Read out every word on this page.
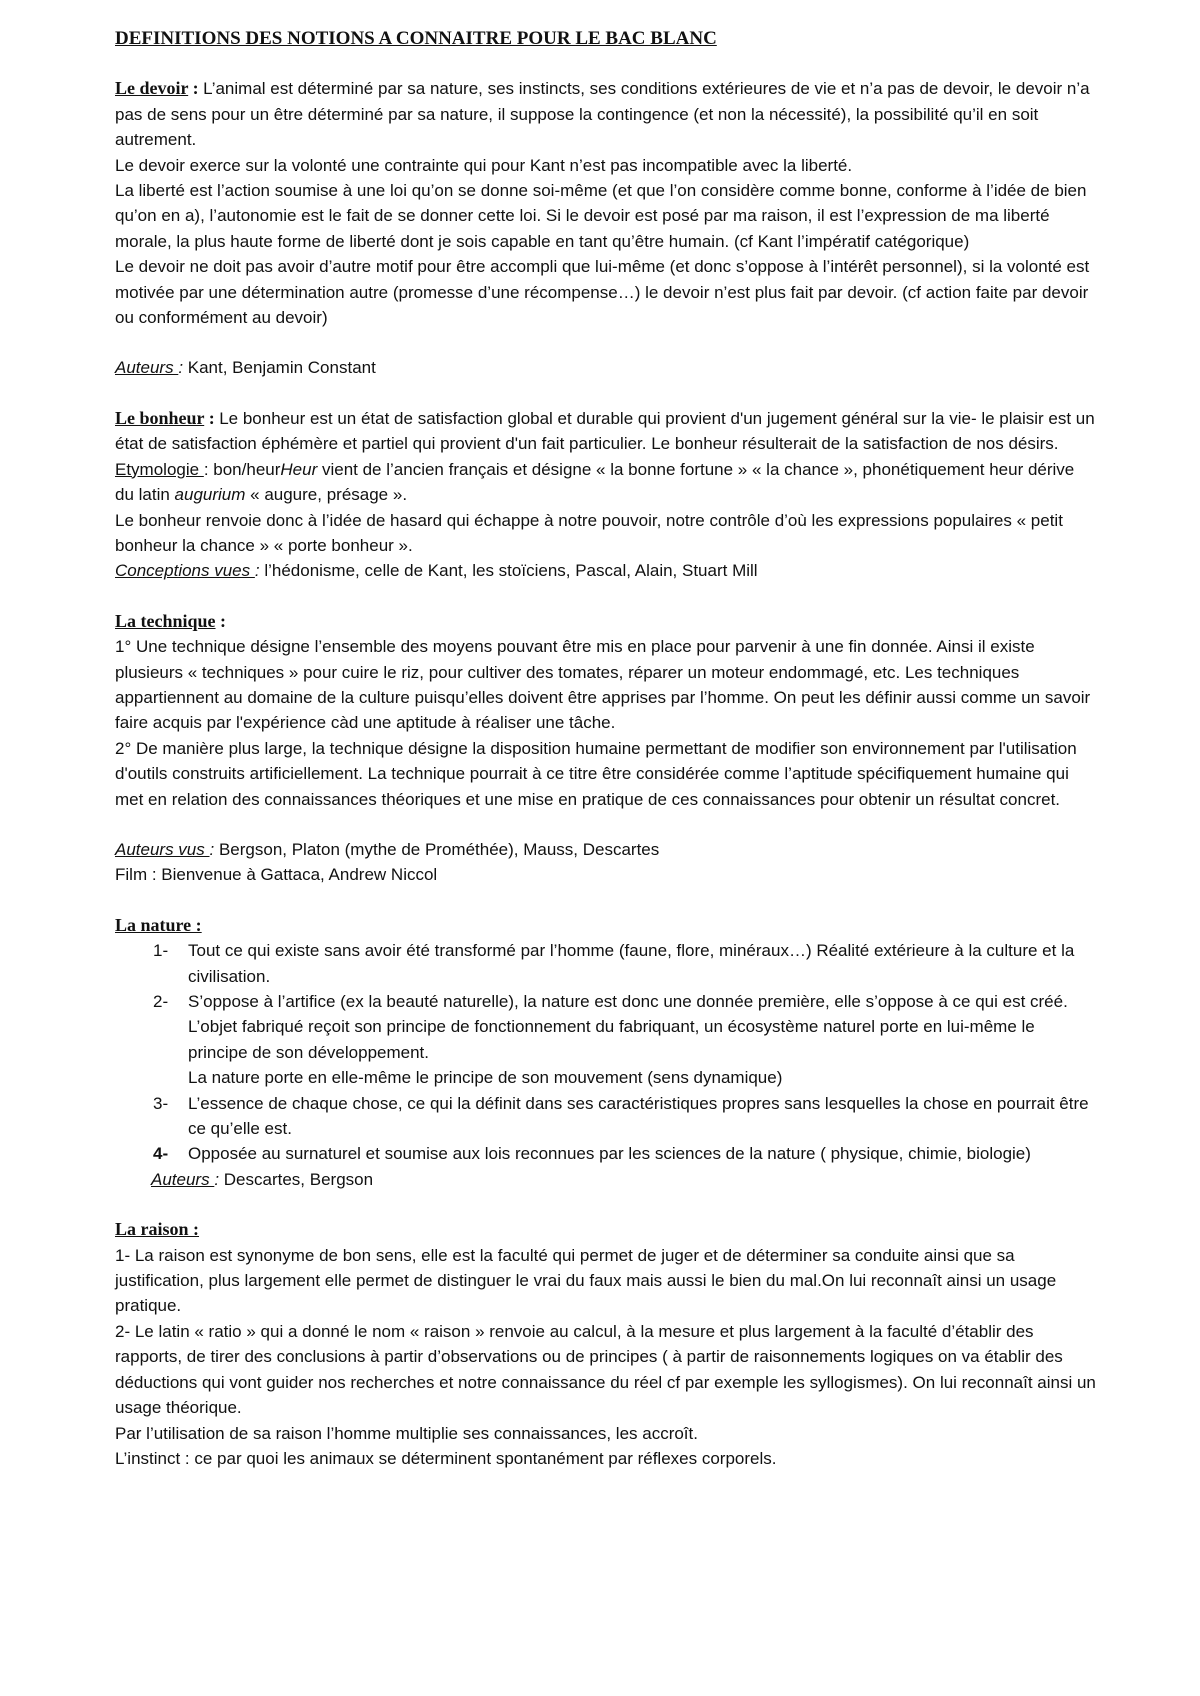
DEFINITIONS DES NOTIONS A CONNAITRE POUR LE BAC BLANC

Le devoir : L’animal est déterminé par sa nature, ses instincts, ses conditions extérieures de vie et n’a pas de devoir, le devoir n’a pas de sens pour un être déterminé par sa nature, il suppose la contingence (et non la nécessité), la possibilité qu’il en soit autrement.

Le devoir exerce sur la volonté une contrainte qui pour Kant n’est pas incompatible avec la liberté.

La liberté est l’action soumise à une loi qu’on se donne soi-même (et que l’on considère comme bonne, conforme à l’idée de bien qu’on en a), l’autonomie est le fait de se donner cette loi. Si le devoir est posé par ma raison, il est l’expression de ma liberté morale, la plus haute forme de liberté dont je sois capable en tant qu’être humain. (cf Kant l’impératif catégorique)

Le devoir ne doit pas avoir d’autre motif pour être accompli que lui-même (et donc s’oppose à l’intérêt personnel), si la volonté est motivée par une détermination autre (promesse d’une récompense…) le devoir n’est plus fait par devoir. (cf action faite par devoir ou conformément au devoir)

Auteurs : Kant, Benjamin Constant

Le bonheur : Le bonheur est un état de satisfaction global et durable qui provient d'un jugement général sur la vie- le plaisir est un état de satisfaction éphémère et partiel qui provient d'un fait particulier. Le bonheur résulterait de la satisfaction de nos désirs.

Etymologie : bon/heurHeur vient de l’ancien français et désigne « la bonne fortune » « la chance », phonétiquement heur dérive du latin augurium « augure, présage ».

Le bonheur renvoie donc à l’idée de hasard qui échappe à notre pouvoir, notre contrôle d’où les expressions populaires « petit bonheur la chance » « porte bonheur ».

Conceptions vues : l’hédonisme, celle de Kant, les stoïciens, Pascal, Alain, Stuart Mill

La technique :

1° Une technique désigne l’ensemble des moyens pouvant être mis en place pour parvenir à une fin donnée. Ainsi il existe plusieurs « techniques » pour cuire le riz, pour cultiver des tomates, réparer un moteur endommagé, etc. Les techniques appartiennent au domaine de la culture puisqu’elles doivent être apprises par l’homme. On peut les définir aussi comme un savoir faire acquis par l'expérience càd une aptitude à réaliser une tâche.

2° De manière plus large, la technique désigne la disposition humaine permettant de modifier son environnement par l'utilisation d'outils construits artificiellement. La technique pourrait à ce titre être considérée comme l’aptitude spécifiquement humaine qui met en relation des connaissances théoriques et une mise en pratique de ces connaissances pour obtenir un résultat concret.

Auteurs vus : Bergson, Platon (mythe de Prométhée), Mauss, Descartes

Film : Bienvenue à Gattaca, Andrew Niccol

La nature :

1- Tout ce qui existe sans avoir été transformé par l’homme (faune, flore, minéraux…) Réalité extérieure à la culture et la civilisation.
2- S’oppose à l’artifice (ex la beauté naturelle), la nature est donc une donnée première, elle s’oppose à ce qui est créé.
L’objet fabriqué reçoit son principe de fonctionnement du fabriquant, un écosystème naturel porte en lui-même le principe de son développement.
La nature porte en elle-même le principe de son mouvement (sens dynamique)
3- L’essence de chaque chose, ce qui la définit dans ses caractéristiques propres sans lesquelles la chose en pourrait être ce qu’elle est.
4- Opposée au surnaturel et soumise aux lois reconnues par les sciences de la nature ( physique, chimie, biologie)

Auteurs : Descartes, Bergson

La raison :

1- La raison est synonyme de bon sens, elle est la faculté qui permet de juger et de déterminer sa conduite ainsi que sa justification, plus largement elle permet de distinguer le vrai du faux mais aussi le bien du mal.On lui reconnaît ainsi un usage pratique.

2- Le latin « ratio » qui a donné le nom « raison » renvoie au calcul, à la mesure et plus largement à la faculté d’établir des rapports, de tirer des conclusions à partir d’observations ou de principes ( à partir de raisonnements logiques on va établir des déductions qui vont guider nos recherches et notre connaissance du réel cf par exemple les syllogismes). On lui reconnaît ainsi un usage théorique.

Par l’utilisation de sa raison l’homme multiplie ses connaissances, les accroît.

L’instinct : ce par quoi les animaux se déterminent spontanément par réflexes corporels.
